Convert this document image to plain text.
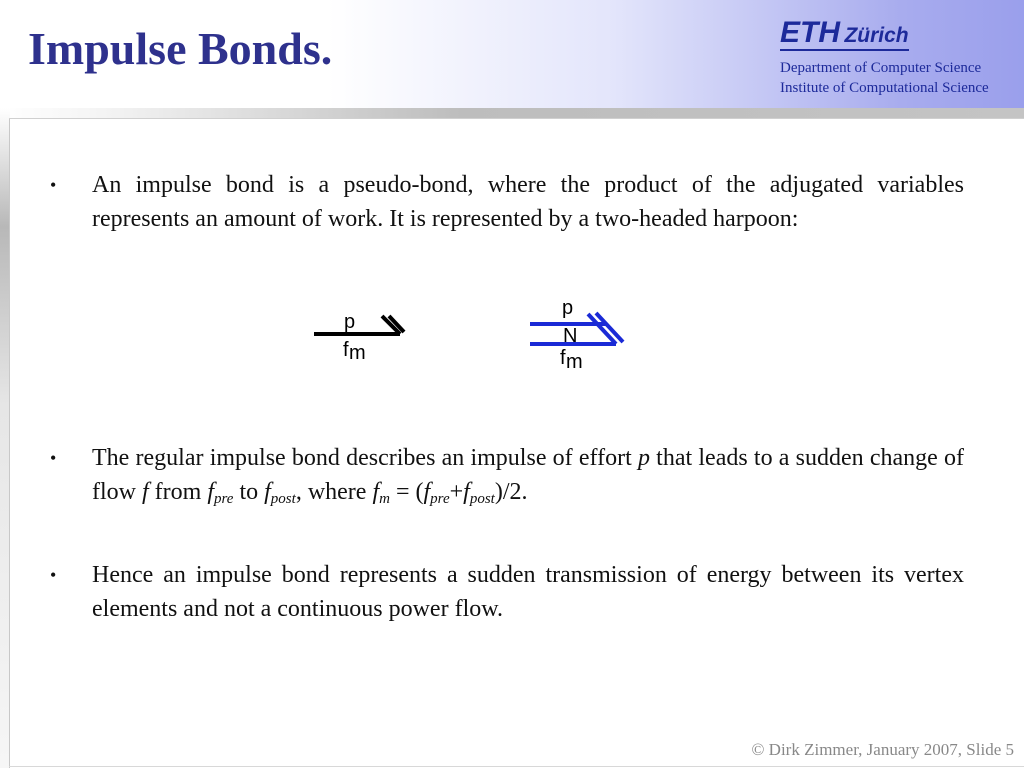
Impulse Bonds.	ETH Zürich
Department of Computer Science
Institute of Computational Science
• An impulse bond is a pseudo-bond, where the product of the adjugated variables represents an amount of work. It is represented by a two-headed harpoon:
• The regular impulse bond describes an impulse of effort p that leads to a sudden change of flow f from $f_{pre}$ to $f_{post}$, where $f_m = (f_{pre}+f_{post})/2$.
• Hence an impulse bond represents a sudden transmission of energy between its vertex elements and not a continuous power flow.
p
f m
p
N
f m
© Dirk Zimmer, January 2007, Slide 5
